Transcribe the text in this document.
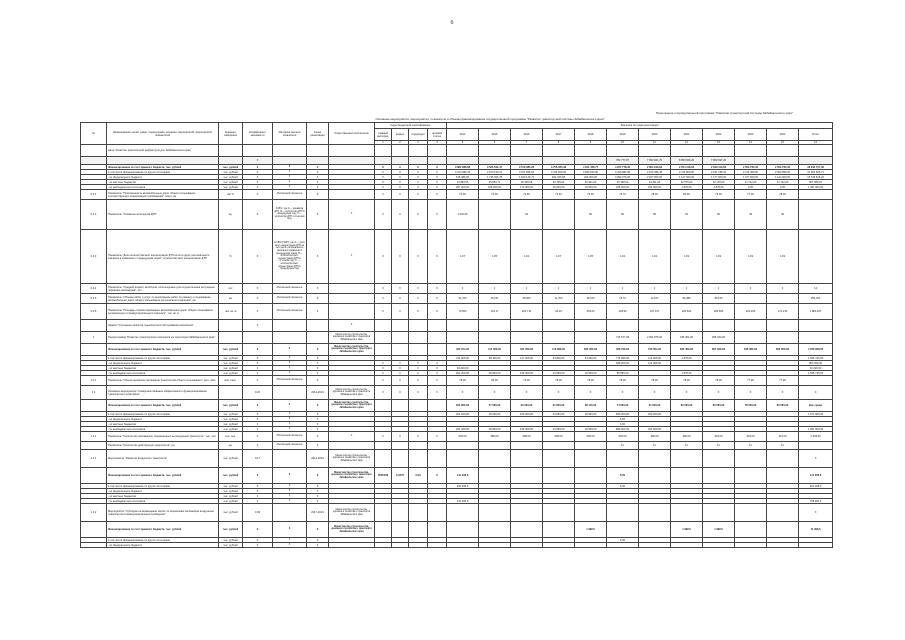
6
Приложение к муниципальной программе "Развитие транспортной системы Забайкальского края"
Основные мероприятия, мероприятия, показатели и объемы финансирования государственной программы "Развитие транспортной системы Забайкальского края"
№	Наименование целей, задач, подпрограмм, основных мероприятий, мероприятий, показателей	Единица измерения	Коэффициент значимости	Методика расчета показателя	Сроки реализации	Ответственный исполнитель	Коды бюджетной классификации				Значения по годам реализации												
							главный распоряд.	раздел	подраздел	целевая статья	2014	2015	2016	2017	2018	2019	2020	2021	2022	2023	2024	Итого	
							1	2	3	4	5	6	7	8	9	10	11	12	13	14	15	16								
	Цель: Развитие транспортной инфраструктуры Забайкальского края																						
			Х													782 777,87	7 990 661,70	8 050 660,20	7 809 697,26				
	Финансирование за счет краевого бюджета, тыс. рублей	тыс. рублей	Х	Х	Х		Х	Х	Х	Х	3 882 988,68	3 566 502,47	3 579 685,26	3 756 355,38	4 641 458,77	4 227 778,00	2 804 918,84	2 654 118,33	2 639 110,66	2 559 760,00	2 559 760,00	36 816 757,48	
	в том числе финансирование из других источников	тыс. рублей	Х	Х	Х		Х	Х	Х	Х	3 013 082,43	2 970 150,12	3 071 826,64	3 115 813,04	3 830 813,90	3 415 882,99	2 163 386,48	2 116 800,00	2 181 786,02	2 114 380,00	2 062 850,00	31 054 596,71	
	- из федерального бюджета	тыс. рублей	Х	Х	Х		Х	Х	Х	Х	516 386,06	1 735 306,78	1 813 126,71	602 330,68	400 000,00	3 099 376,00	2 157 000,00	1 127 000,00	1 177 000,00	1 077 000,00	1 124 000,00	15 728 526,23	
	- из местных бюджетов	тыс. рублей	Х	Х	Х		Х	Х	Х	Х	13 856,55	25 854,71	40 360,68	39 795,93	40 361,00	40 358,00	44 811,00	42 575,00	42 178,00	41 722,00	41 722,00	567 850,67	
	- из внебюджетных источников	тыс. рублей	Х	Х	Х		Х	Х	Х	Х	267 200,00	226 000,00	173 000,00	45 000,00	19 500,00	265 000,00	202 000,00	1 875,00	2 875,00	0,00	0,00	1 487 900,00	
0.0.1	Показатель "Протяженность автомобильных дорог общего пользования, соответствующих нормативным требованиям", всего, км	км/ %	Х	Абсолютный показатель	Х		Х	Х	Х	Х	70,00	70,00	72,50	74,40	76,30	76,70	78,00	80,00	76,00	77,00	78,00		
0.0.2	Показатель "Снижение количества ДТП"	ед.	Х	А=В/С, где А — динамика ДТП, В — количество ДТП в предыдущем году, С — количество ДТП в отчетном году	Х	Х	Х	Х	Х	Х	1 091,00		94		56	56	55	54	50	49	46		
0.0.3	Показатель "Доля количества мест концентрации ДТП на сети дорог регионального значения в сравнении с предыдущим годом", количество мест концентрации ДТП	%	Х	А=(В/С)*100%, где А — доля мест концентрации ДТП на сети дорог регионального значения в сравнении с предыдущим годом, В — количество мест концентрации ДТП в отчетном году, С — количество мест концентрации ДТП в предыдущем году	Х	Х	Х	Х	Х	Х	1,07	1,05	1,04	1,07	1,05	1,04	1,04	1,03	1,03	1,03	1,03		
0.0.4	Показатель "Средний возраст автобусов, используемых для осуществления регулярных перевозок пассажиров", лет	лет	Х	Абсолютный показатель	Х		Х	Х	Х	Х	2	1	1	1	1	1	1	1	1	2	2	14	
0.0.5	Показатель "Объемы работ и услуг, по выполнению работ по ремонту и содержанию автомобильных дорог общего пользования регионального значения", км	км	Х	Абсолютный показатель	Х		Х	Х	Х	Х	61,700	25,197	25,000	11,700	26,100	13,70	13,104	84,480	89,160			390,451	
0.0.6	Показатель "Площадь отремонтированных автомобильных дорог общего пользования регионального и межмуниципального значения", тыс. кв. м	тыс. кв. м	Х	Абсолютный показатель	Х		Х	Х	Х	Х	70,500	104,17	163,710	90,20	253,00	149,90	197,107	294,620	283,600	320,200	174,210	1 881,607	
	Задача "Улучшение качества транспортного обслуживания населения"		Х			Х																	
1	Подпрограмма "Развитие транспортного комплекса на территории Забайкальского края"					Министерство строительства, дорожного хозяйства и транспорта Забайкальского края										716 577,39	2 091 875,00	435 461,00	908 330,00				
	Финансирование за счет краевого бюджета, тыс. рублей	тыс. рублей	Х	Х	Х	Министерство строительства, дорожного хозяйства и транспорта Забайкальского края					434 974,00	117 360,00	434 789,00	113 980,00	660 325,00	463 796,00	733 564,00	663 463,00	607 946,00	645 085,00	600 650,00	4 976 858,00	
	в том числе финансирование из других источников	тыс. рублей	Х	Х	Х						211 400,00	98 400,00	117 400,00	94 800,00	54 000,00	774 835,00	114 000,00	1 875,00				1 566 745,00	
	- из федерального бюджета	тыс. рублей	Х	Х	Х		Х	Х	Х	Х						689 000,00	114 000,00					803 000,00	
	- из местных бюджетов	тыс. рублей	Х	Х	Х		Х	Х	Х	Х	33 200,00											33 200,00	
	- из внебюджетных источников	тыс. рублей	Х	Х	Х		Х	Х	Х	Х	201 200,00	48 000,00	169 000,00	44 050,00	19 500,00	85 835,00		1 875,00				1 568 745,00	
1.0.1	Показатель "Объем перевозок пассажиров транспортом общего пользования", млн. пасс.	млн. пасс.	Х	Абсолютный показатель	Х		Х	Х	Х	Х	78,00	80,00	76,00	78,00	78,00	78,00	78,00	78,00	78,00	77,00	77,00		
1.1	Основное мероприятие "Совершенствование эффективности функционирования транспортного комплекса"		0,20		2014-2024	Министерство строительства, дорожного хозяйства и транспорта Забайкальского края	Х	Х	Х	Х	Х	Х	Х	Х	Х	Х	Х	Х	Х	Х	Х	Х	
	Финансирование за счет краевого бюджета, тыс. рублей	тыс. рублей	Х	Х	Х	Министерство строительства, дорожного хозяйства и транспорта Забайкальского края					300 965,00	57 000,00	90 000,00	91 800,00	62 110,00	74 930,00	91 000,00	82 000,00	80 000,00	78 000,00	80 000,00	Все среди	
	в том числе финансирование из других источников	тыс. рублей	Х	Х	Х						201 200,00	48 000,00	169 000,00	44 050,00	19 500,00	880 000,00	300 000,00					1 574 900,00	
	- из федерального бюджета	тыс. рублей	Х	Х	Х											6,00							
	- из местных бюджетов	тыс. рублей	Х	Х	Х											6,00							
	- из внебюджетных источников	тыс. рублей	Х	Х	Х						201 200,00	48 000,00	169 000,00	44 050,00	19 500,00	880 000,00	300 000,00					1 651 500,00	
1.1.1	Показатель "Количество пассажиров, перевезенных на воздушном транспорте", тыс. чел.	тыс. чел.	Х	Абсолютный показатель	Х	Х	Х	Х	Х	Х	578,00	580,00	598,00	608,00	600,00	602,00	400,00	400,00	410,00	410,00	412,00	2 325,00	
	Показатель "Количество действующих аэропортов", ед.	ед.	Х	Абсолютный показатель	Х											11	11	11	11	11	11		
1.1.1	Мероприятие "Развитие воздушного транспорта"	тыс. рублей	0,17		2014-2024	Министерство строительства, дорожного хозяйства и транспорта Забайкальского края																Х	
	Финансирование за счет краевого бюджета, тыс. рублей	тыс. рублей	Х	Х	Х	Министерство строительства, дорожного хозяйства и транспорта Забайкальского края	0505408	3,0470	0,00	Х	141 008,0					6,00						141 008,0	
	в том числе финансирование из других источников	тыс. рублей	Х	Х	Х						202 008,0					6,00						220 008,0	
	- из федерального бюджета	тыс. рублей	Х	Х	Х																		
	- из местных бюджетов	тыс. рублей	Х	Х	Х																		
	- из внебюджетных источников	тыс. рублей	Х	Х	Х						241 005,0											708 200,0	
1.1.2	Мероприятие "Субсидии на возмещение затрат по перевозкам пассажиров воздушным транспортом в межмуниципальном сообщении"	тыс. рублей	0,03		2017-2024	Министерство строительства, дорожного хозяйства и транспорта Забайкальского края																Х	
	Финансирование за счет краевого бюджета, тыс. рублей	тыс. рублей	Х	Х	Х	Министерство строительства, дорожного хозяйства и транспорта Забайкальского края									1 998,5			1 998,5	1 998,5			11 998,5	
	в том числе финансирование из других источников	тыс. рублей	Х	Х	Х											6,00							
	- из федерального бюджета	тыс. рублей	Х	Х	Х																		
